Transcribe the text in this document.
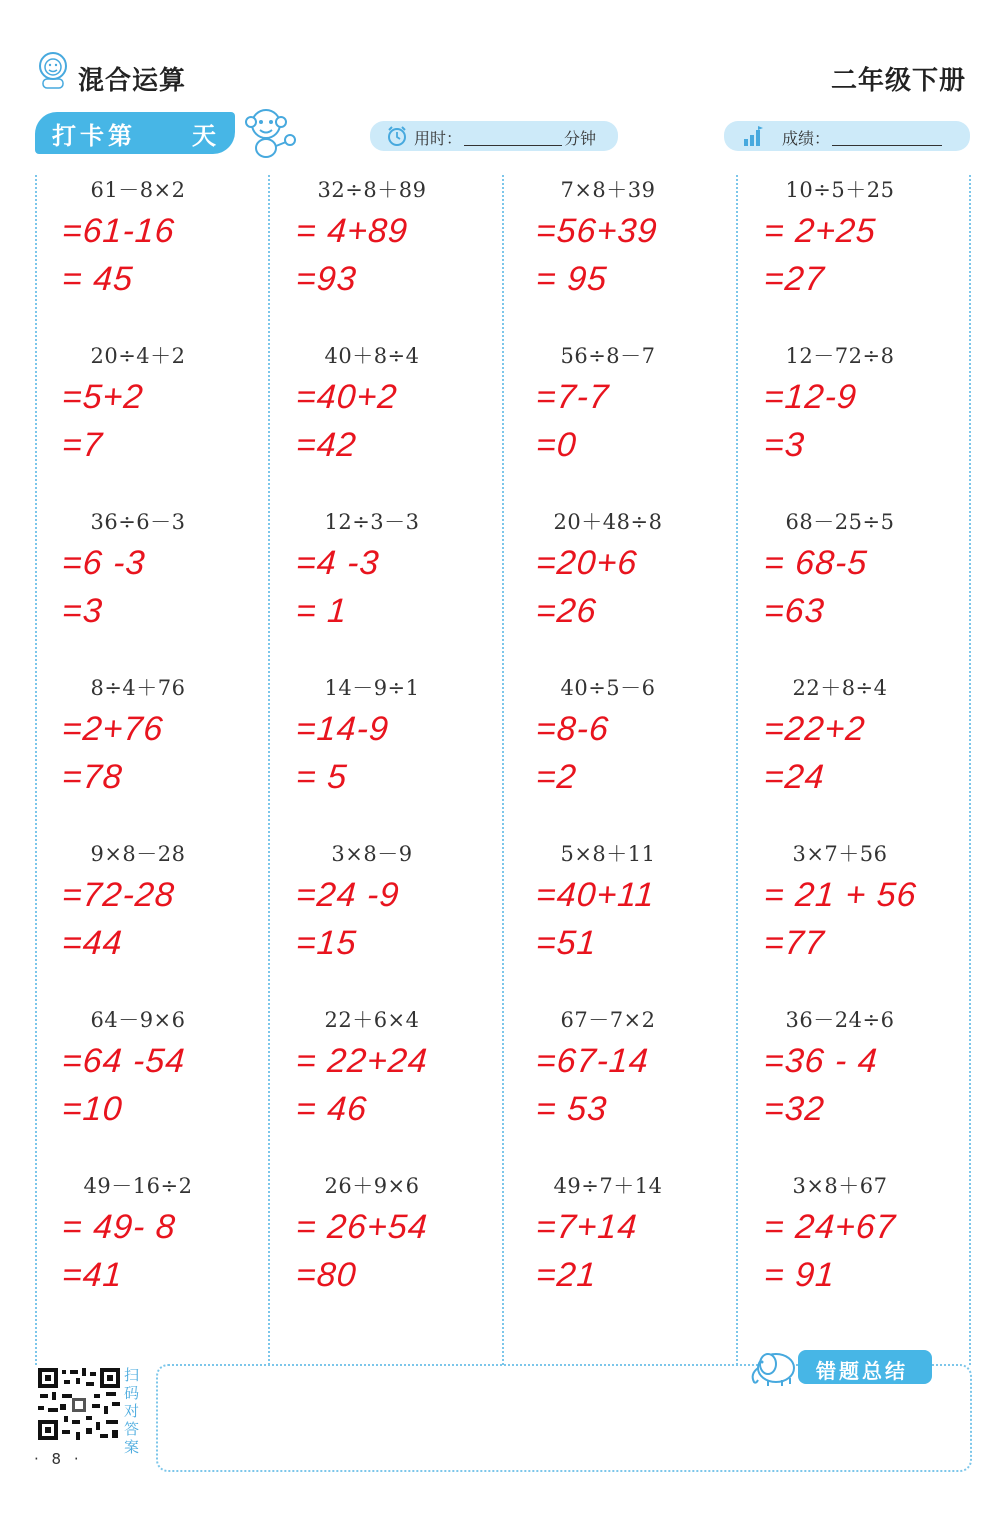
混合运算	二年级下册
打卡第 天	用时：	分钟	成绩：
61－8×2
=61-16
= 45
20÷4＋2
=5+2
=7
36÷6－3
=6 -3
=3
8÷4＋76
=2+76
=78
9×8－28
=72-28
=44
64－9×6
=64 -54
=10
49－16÷2
= 49- 8
=41
32÷8＋89
= 4+89
=93
40＋8÷4
=40+2
=42
12÷3－3
=4 -3
= 1
14－9÷1
=14-9
= 5
3×8－9
=24 -9
=15
22＋6×4
= 22+24
= 46
26＋9×6
= 26+54
=80
7×8＋39
=56+39
= 95
56÷8－7
=7-7
=0
20＋48÷8
=20+6
=26
40÷5－6
=8-6
=2
5×8＋11
=40+11
=51
67－7×2
=67-14
= 53
49÷7＋14
=7+14
=21
10÷5＋25
= 2+25
=27
12－72÷8
=12-9
=3
68－25÷5
= 68-5
=63
22＋8÷4
=22+2
=24
3×7＋56
= 21 + 56
=77
36－24÷6
=36 - 4
=32
3×8＋67
= 24+67
= 91
扫码对答案
· 8 ·
错题总结
